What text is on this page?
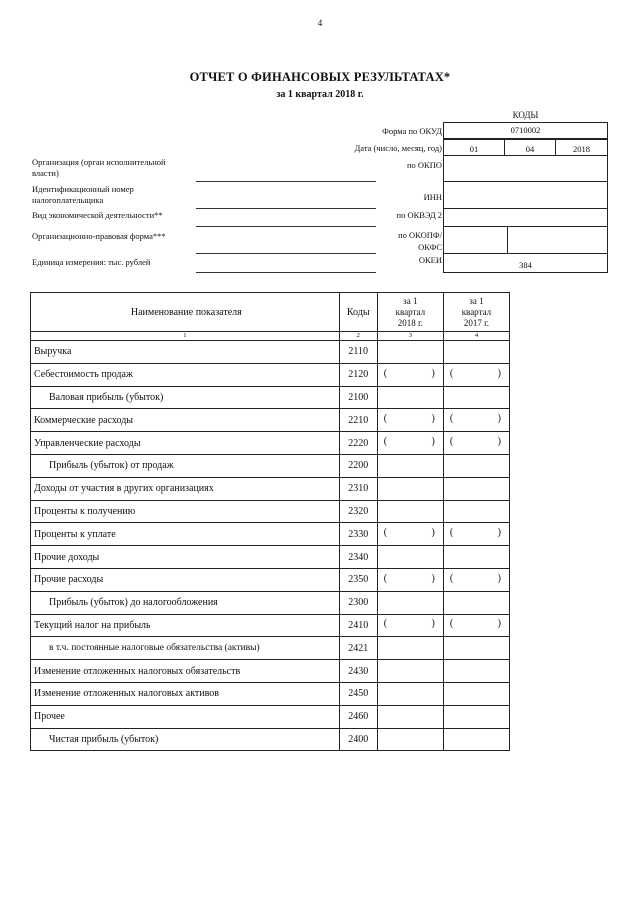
4
ОТЧЕТ О ФИНАНСОВЫХ РЕЗУЛЬТАТАХ*
за 1 квартал 2018 г.
КОДЫ
Форма по ОКУД	0710002
Дата (число, месяц, год)	01	04	2018
Организация (орган исполнительной власти)
по ОКПО
Идентификационный номер налогоплательщика	ИНН
Вид экономической деятельности**	по ОКВЭД 2
Организационно-правовая форма***	по ОКОПФ/ ОКФС
Единица измерения: тыс. рублей	ОКЕИ	384
Наименование показателя	Коды	за 1 квартал 2018 г.	за 1 квартал 2017 г.

1	2	3	4
Выручка	2110		
Себестоимость продаж	2120	( )	( )

Валовая прибыль (убыток)	2100		
Коммерческие расходы	2210	( )	( )

Управленческие расходы	2220	( )	( )

Прибыль (убыток) от продаж	2200		
Доходы от участия в других организациях	2310		
Проценты к получению	2320		
Проценты к уплате	2330	( )	( )

Прочие доходы	2340		
Прочие расходы	2350	( )	( )

Прибыль (убыток) до налогообложения	2300		
Текущий налог на прибыль	2410	( )	( )

в т.ч. постоянные налоговые обязательства (активы)	2421		
Изменение отложенных налоговых обязательств	2430		
Изменение отложенных налоговых активов	2450		
Прочее	2460		
Чистая прибыль (убыток)	2400		
